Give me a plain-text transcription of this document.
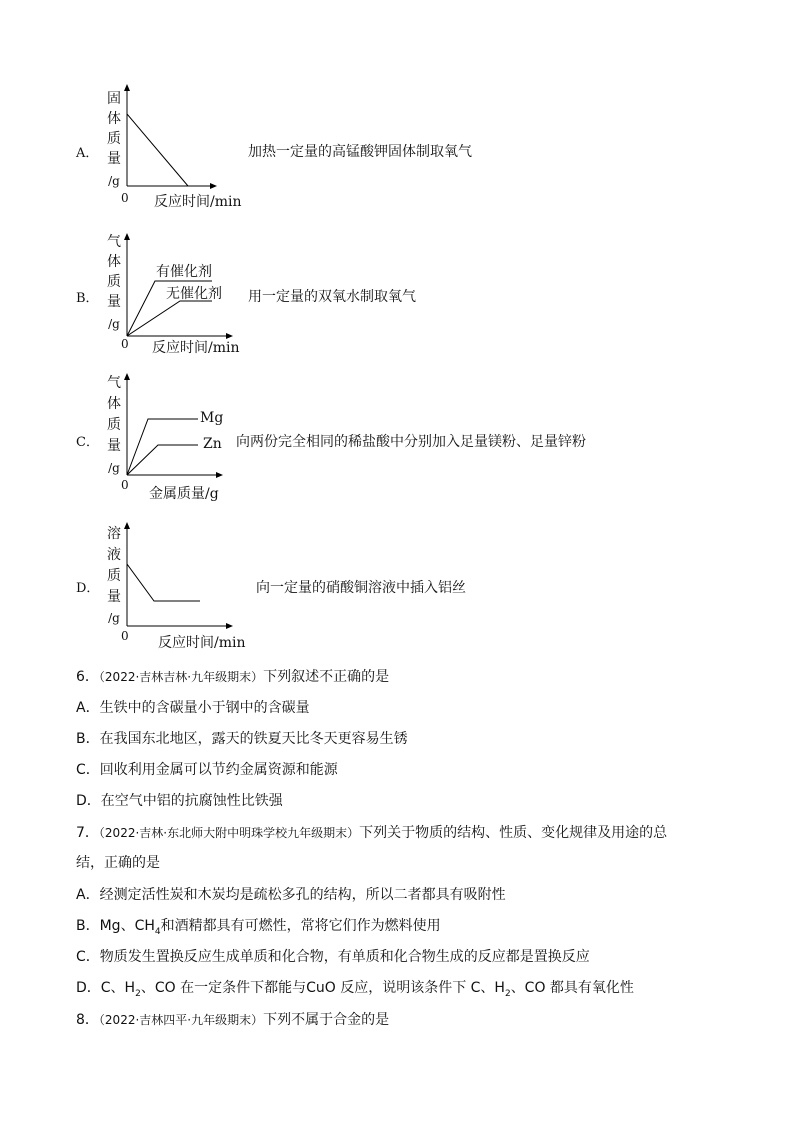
A．
固
体
质
量
/g
0 反应时间/min
加热一定量的高锰酸钾固体制取氧气
B．
气
体
质
量
/g
0
有催化剂
无催化剂
反应时间/min
用一定量的双氧水制取氧气
C．
气
体
质
量
/g
0
Mg
Zn
金属质量/g
向两份完全相同的稀盐酸中分别加入足量镁粉、足量锌粉
D．
溶
液
质
量
/g
0 反应时间/min
向一定量的硝酸铜溶液中插入铝丝
6．（2022·吉林吉林·九年级期末）下列叙述不正确的是
A．生铁中的含碳量小于钢中的含碳量
B．在我国东北地区，露天的铁夏天比冬天更容易生锈
C．回收利用金属可以节约金属资源和能源
D．在空气中铝的抗腐蚀性比铁强
7．（2022·吉林·东北师大附中明珠学校九年级期末）下列关于物质的结构、性质、变化规律及用途的总
结，正确的是
A．经测定活性炭和木炭均是疏松多孔的结构，所以二者都具有吸附性
B．Mg、$CH_4$和酒精都具有可燃性，常将它们作为燃料使用
C．物质发生置换反应生成单质和化合物，有单质和化合物生成的反应都是置换反应
D．C、$H_2$、CO 在一定条件下都能与CuO 反应，说明该条件下 C、$H_2$、CO 都具有氧化性
8．（2022·吉林四平·九年级期末）下列不属于合金的是
